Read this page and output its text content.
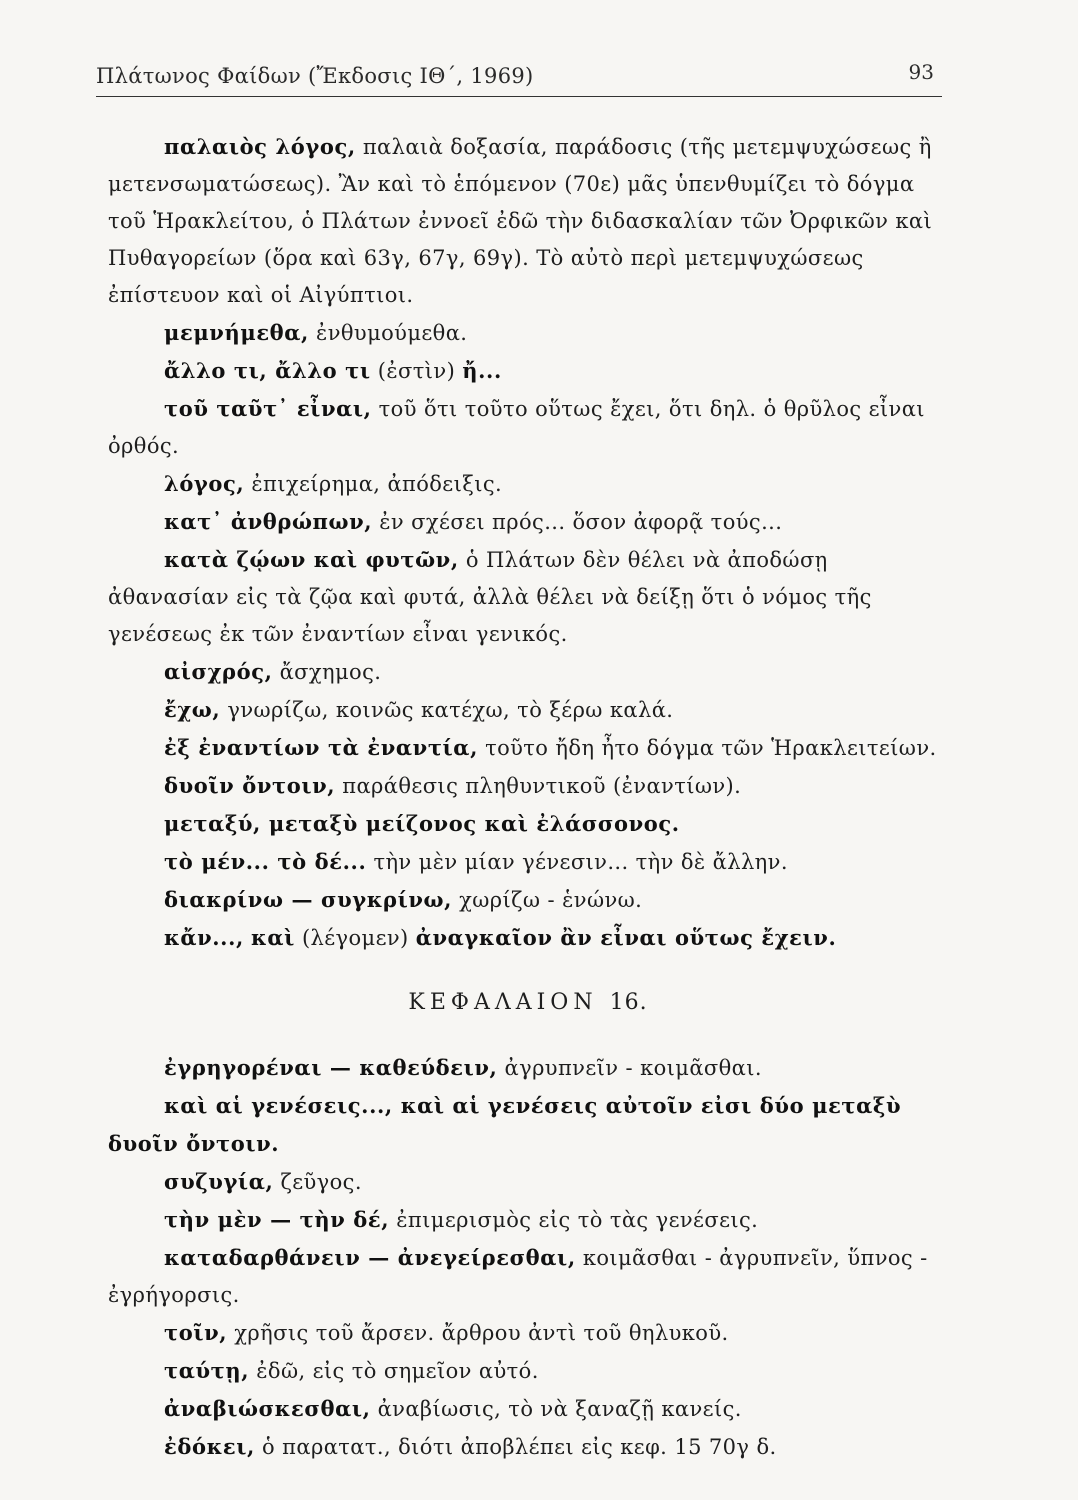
Πλάτωνος Φαίδων (Ἔκδοσις ΙΘ΄, 1969)	93

παλαιὸς λόγος, παλαιὰ δοξασία, παράδοσις (τῆς μετεμψυχώσεως ἢ μετενσωματώσεως). Ἂν καὶ τὸ ἑπόμενον (70ε) μᾶς ὑπενθυμίζει τὸ δόγμα τοῦ Ἡρακλείτου, ὁ Πλάτων ἐννοεῖ ἐδῶ τὴν διδασκαλίαν τῶν Ὀρφικῶν καὶ Πυθαγορείων (ὅρα καὶ 63γ, 67γ, 69γ). Τὸ αὐτὸ περὶ μετεμψυχώσεως ἐπίστευον καὶ οἱ Αἰγύπτιοι.

μεμνήμεθα, ἐνθυμούμεθα.

ἄλλο τι, ἄλλο τι (ἐστὶν) ἤ...

τοῦ ταῦτ᾽ εἶναι, τοῦ ὅτι τοῦτο οὕτως ἔχει, ὅτι δηλ. ὁ θρῦλος εἶναι ὀρθός.

λόγος, ἐπιχείρημα, ἀπόδειξις.

κατ᾽ ἀνθρώπων, ἐν σχέσει πρός... ὅσον ἀφορᾷ τούς...

κατὰ ζῴων καὶ φυτῶν, ὁ Πλάτων δὲν θέλει νὰ ἀποδώσῃ ἀθανασίαν εἰς τὰ ζῷα καὶ φυτά, ἀλλὰ θέλει νὰ δείξῃ ὅτι ὁ νόμος τῆς γενέσεως ἐκ τῶν ἐναντίων εἶναι γενικός.

αἰσχρός, ἄσχημος.

ἔχω, γνωρίζω, κοινῶς κατέχω, τὸ ξέρω καλά.

ἐξ ἐναντίων τὰ ἐναντία, τοῦτο ἤδη ἦτο δόγμα τῶν Ἡρακλειτείων.

δυοῖν ὄντοιν, παράθεσις πληθυντικοῦ (ἐναντίων).

μεταξύ, μεταξὺ μείζονος καὶ ἐλάσσονος.

τὸ μέν... τὸ δέ... τὴν μὲν μίαν γένεσιν... τὴν δὲ ἄλλην.

διακρίνω — συγκρίνω, χωρίζω - ἑνώνω.

κἄν..., καὶ (λέγομεν) ἀναγκαῖον ἂν εἶναι οὕτως ἔχειν.

ΚΕΦΑΛΑΙΟΝ 16.

ἐγρηγορέναι — καθεύδειν, ἀγρυπνεῖν - κοιμᾶσθαι.

καὶ αἱ γενέσεις..., καὶ αἱ γενέσεις αὐτοῖν εἰσι δύο μεταξὺ δυοῖν ὄντοιν.

συζυγία, ζεῦγος.

τὴν μὲν — τὴν δέ, ἐπιμερισμὸς εἰς τὸ τὰς γενέσεις.

καταδαρθάνειν — ἀνεγείρεσθαι, κοιμᾶσθαι - ἀγρυπνεῖν, ὕπνος - ἐγρήγορσις.

τοῖν, χρῆσις τοῦ ἄρσεν. ἄρθρου ἀντὶ τοῦ θηλυκοῦ.

ταύτῃ, ἐδῶ, εἰς τὸ σημεῖον αὐτό.

ἀναβιώσκεσθαι, ἀναβίωσις, τὸ νὰ ξαναζῇ κανείς.

ἐδόκει, ὁ παρατατ., διότι ἀποβλέπει εἰς κεφ. 15 70γ δ.
